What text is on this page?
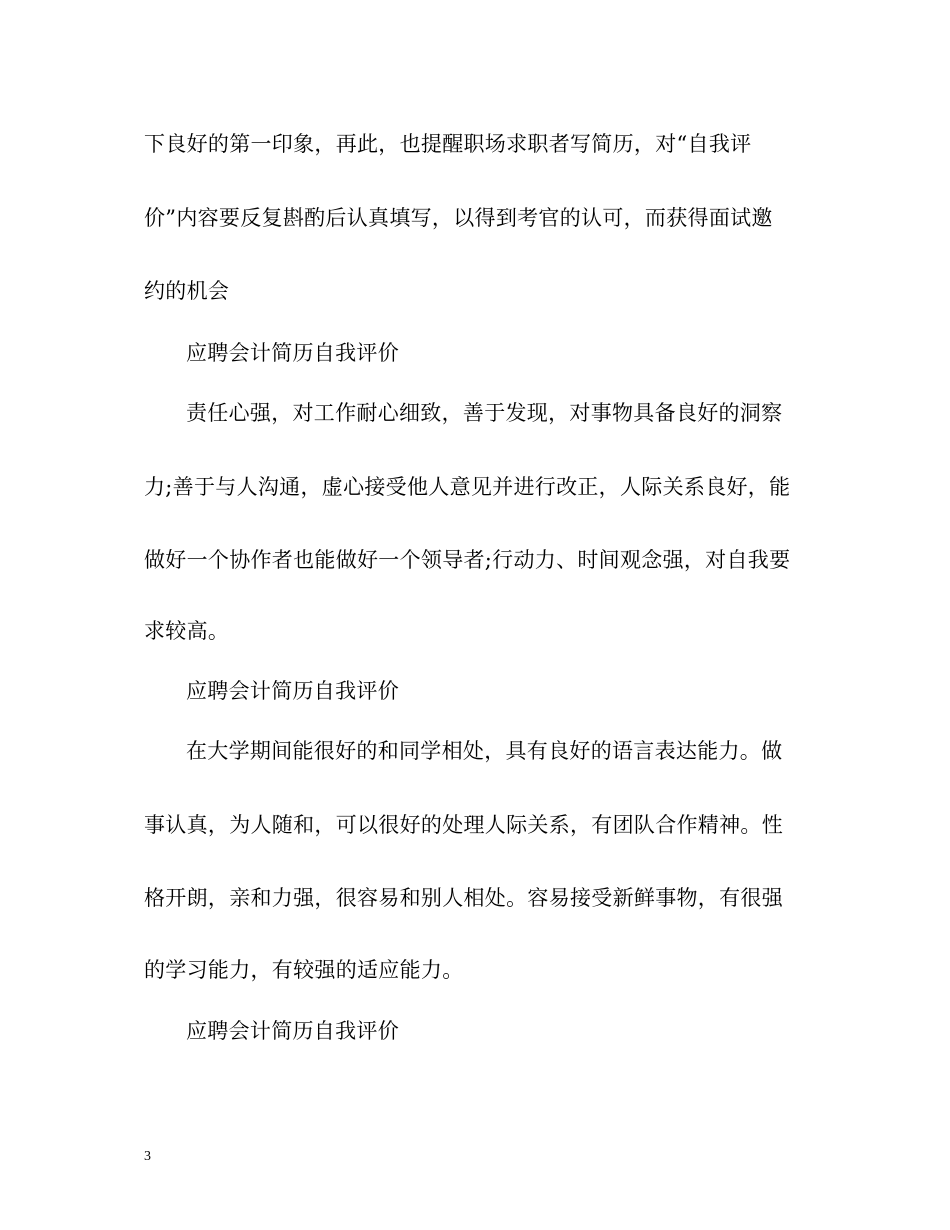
下良好的第一印象，再此，也提醒职场求职者写简历，对“自我评
价”内容要反复斟酌后认真填写，以得到考官的认可，而获得面试邀
约的机会
应聘会计简历自我评价
责任心强，对工作耐心细致，善于发现，对事物具备良好的洞察
力;善于与人沟通，虚心接受他人意见并进行改正，人际关系良好，能
做好一个协作者也能做好一个领导者;行动力、时间观念强，对自我要
求较高。
应聘会计简历自我评价
在大学期间能很好的和同学相处，具有良好的语言表达能力。做
事认真，为人随和，可以很好的处理人际关系，有团队合作精神。性
格开朗，亲和力强，很容易和别人相处。容易接受新鲜事物，有很强
的学习能力，有较强的适应能力。
应聘会计简历自我评价
3
